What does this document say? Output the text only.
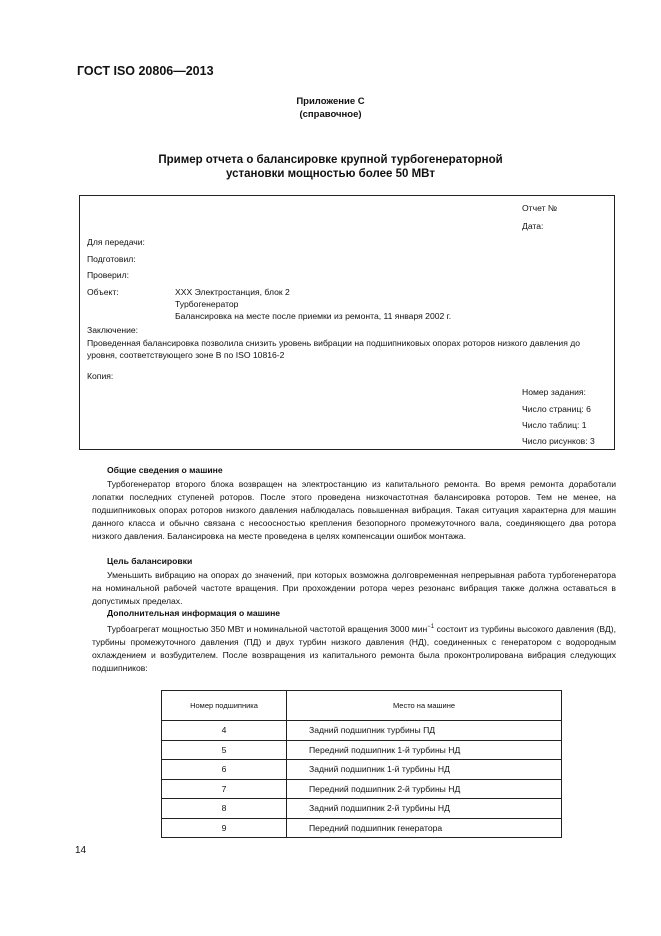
ГОСТ ISO 20806—2013
Приложение С
(справочное)
Пример отчета о балансировке крупной турбогенераторной
установки мощностью более 50 МВт
Отчет №
Дата:
Для передачи:
Подготовил:
Проверил:
Объект:	XXX Электростанция, блок 2
Турбогенератор
Балансировка на месте после приемки из ремонта, 11 января 2002 г.
Заключение:
Проведенная балансировка позволила снизить уровень вибрации на подшипниковых опорах роторов низкого давления до уровня, соответствующего зоне В по ISO 10816-2
Копия:
Номер задания:
Число страниц: 6
Число таблиц: 1
Число рисунков: 3
Общие сведения о машине
Турбогенератор второго блока возвращен на электростанцию из капитального ремонта. Во время ремонта доработали лопатки последних ступеней роторов. После этого проведена низкочастотная балансировка роторов. Тем не менее, на подшипниковых опорах роторов низкого давления наблюдалась повышенная вибрация. Такая ситуация характерна для машин данного класса и обычно связана с несоосностью крепления безопорного промежуточного вала, соединяющего два ротора низкого давления. Балансировка на месте проведена в целях компенсации ошибок монтажа.
Цель балансировки
Уменьшить вибрацию на опорах до значений, при которых возможна долговременная непрерывная работа турбогенератора на номинальной рабочей частоте вращения. При прохождении ротора через резонанс вибрация также должна оставаться в допустимых пределах.
Дополнительная информация о машине
Турбоагрегат мощностью 350 МВт и номинальной частотой вращения 3000 мин$^{-1}$ состоит из турбины высокого давления (ВД), турбины промежуточного давления (ПД) и двух турбин низкого давления (НД), соединенных с генератором с водородным охлаждением и возбудителем. После возвращения из капитального ремонта была проконтролирована вибрация следующих подшипников:
Номер подшипника	Место на машине
4	Задний подшипник турбины ПД
5	Передний подшипник 1-й турбины НД
6	Задний подшипник 1-й турбины НД
7	Передний подшипник 2-й турбины НД
8	Задний подшипник 2-й турбины НД
9	Передний подшипник генератора
14
